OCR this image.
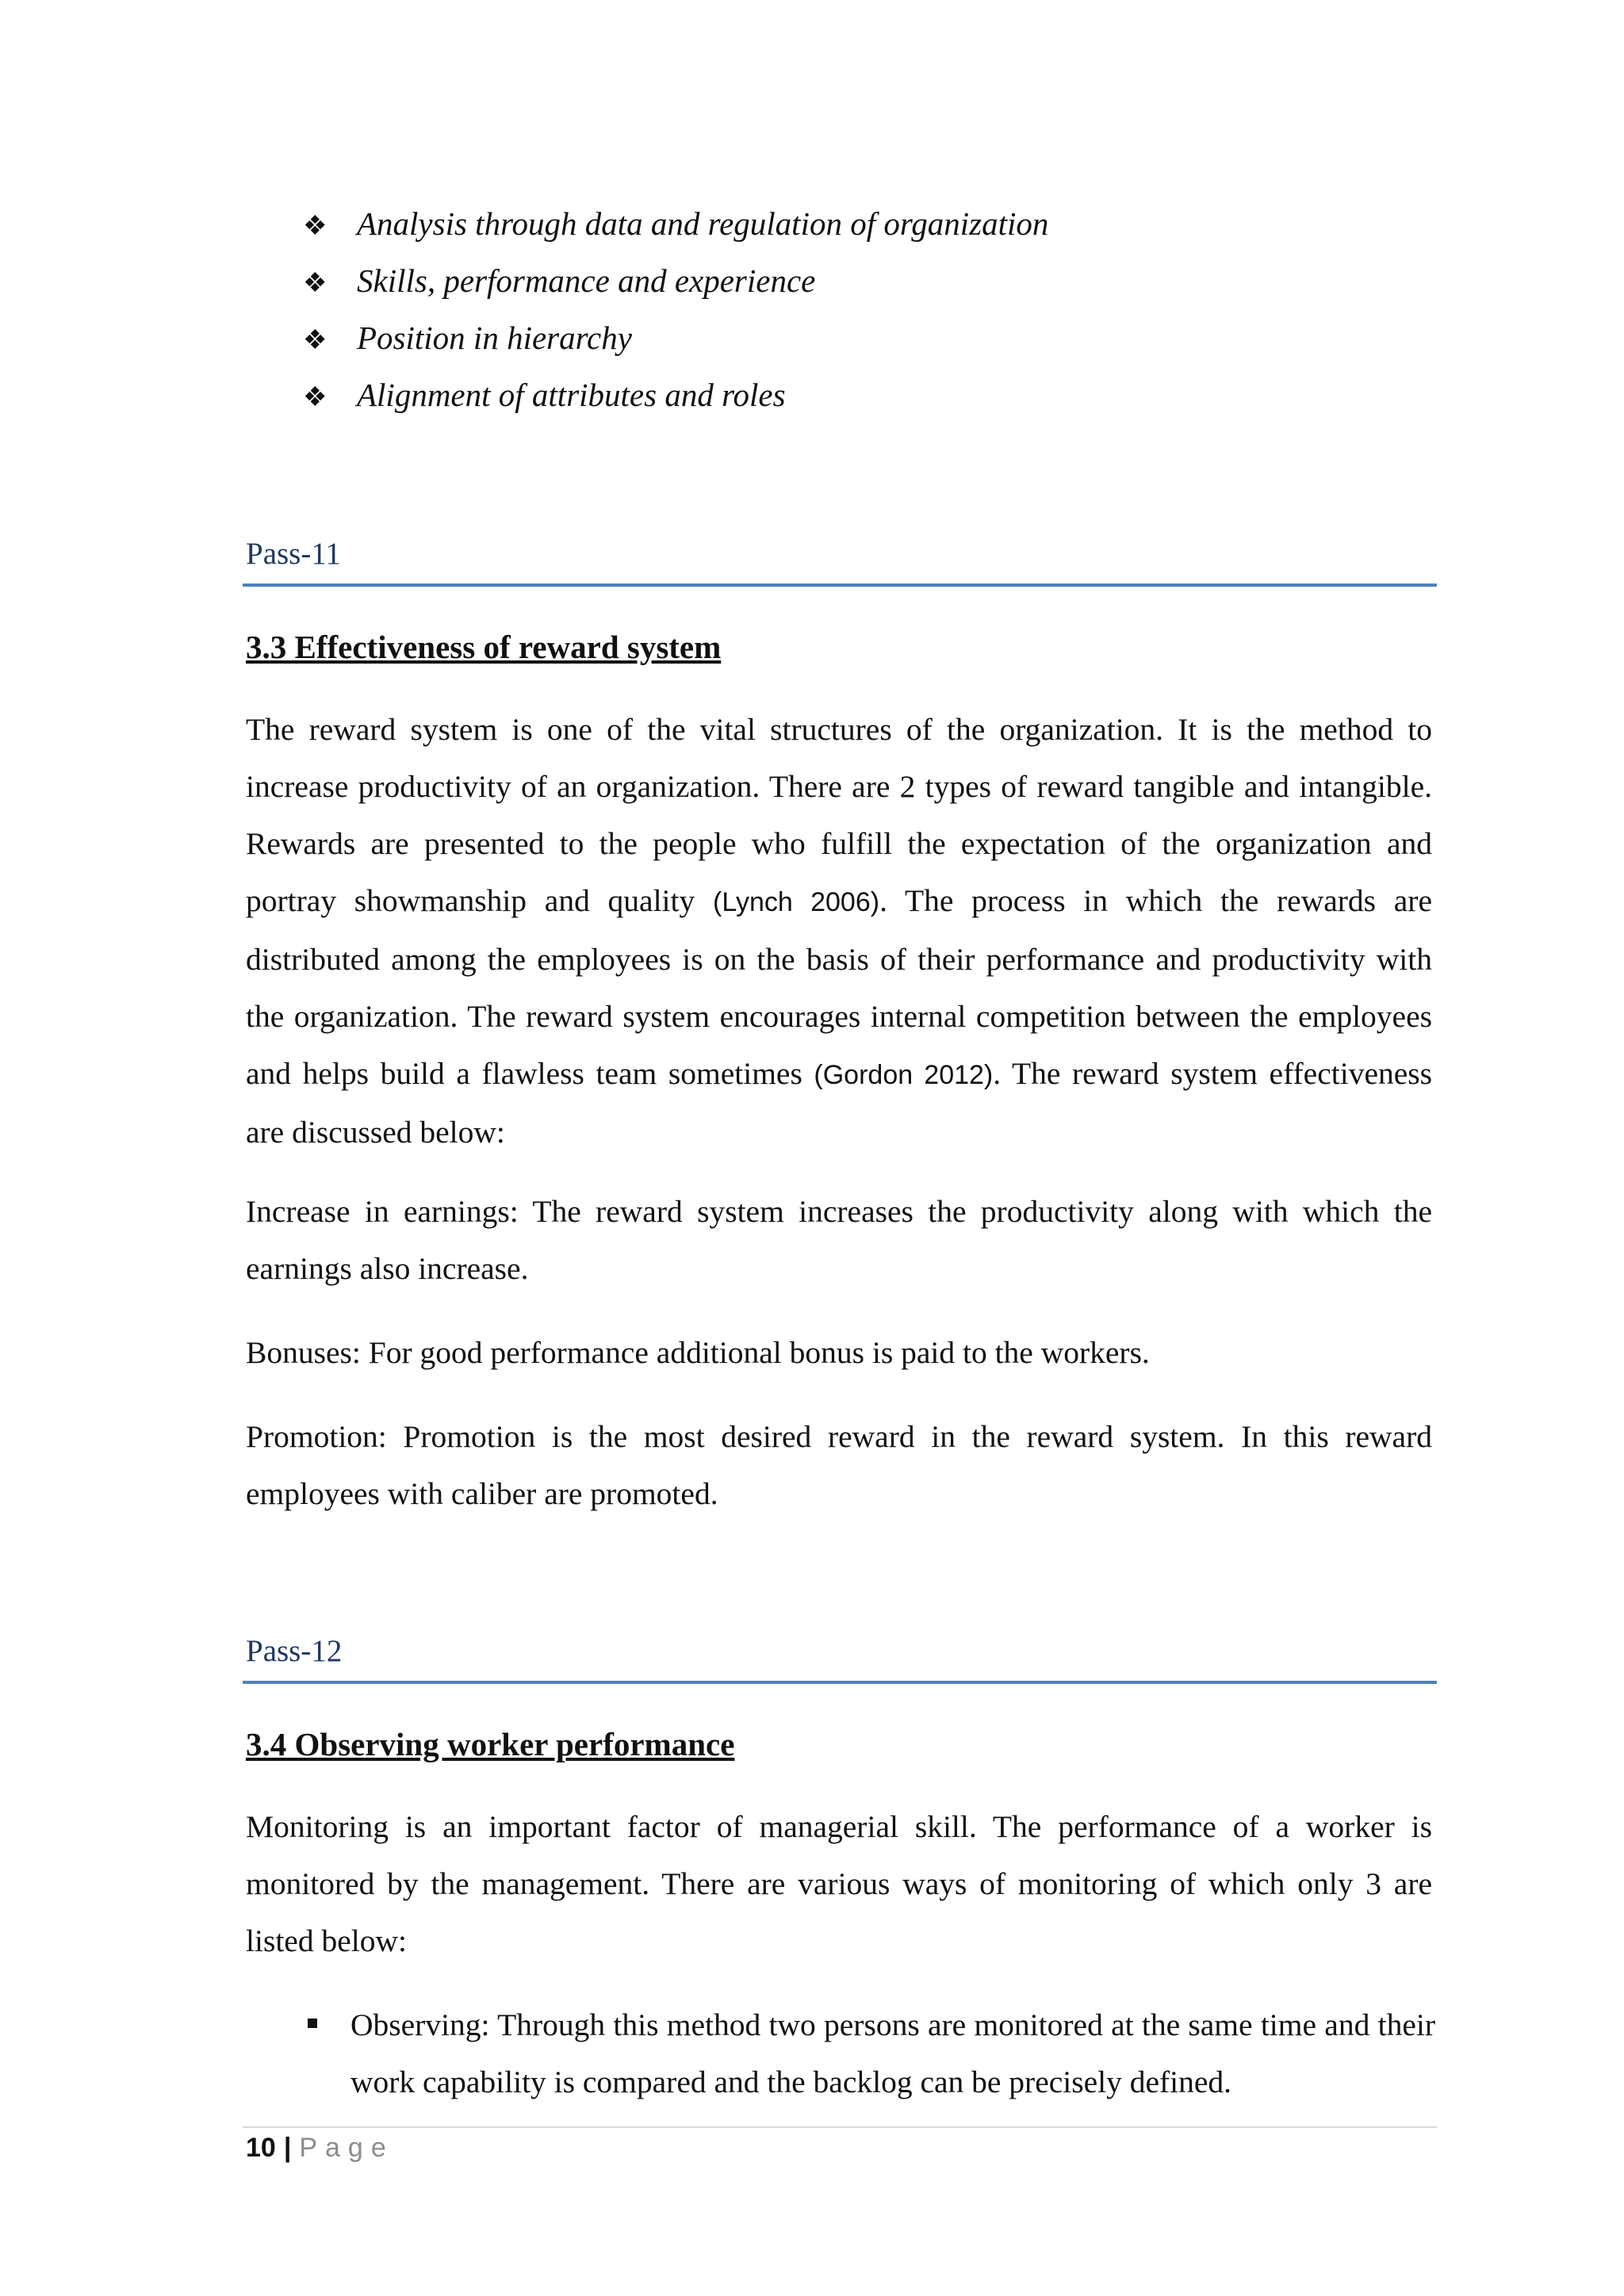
❖ Analysis through data and regulation of organization
❖ Skills, performance and experience
❖ Position in hierarchy
❖ Alignment of attributes and roles
Pass-11
3.3 Effectiveness of reward system
The reward system is one of the vital structures of the organization. It is the method to increase productivity of an organization. There are 2 types of reward tangible and intangible. Rewards are presented to the people who fulfill the expectation of the organization and portray showmanship and quality (Lynch 2006). The process in which the rewards are distributed among the employees is on the basis of their performance and productivity with the organization. The reward system encourages internal competition between the employees and helps build a flawless team sometimes (Gordon 2012). The reward system effectiveness are discussed below:
Increase in earnings: The reward system increases the productivity along with which the earnings also increase.
Bonuses: For good performance additional bonus is paid to the workers.
Promotion: Promotion is the most desired reward in the reward system. In this reward employees with caliber are promoted.
Pass-12
3.4 Observing worker performance
Monitoring is an important factor of managerial skill. The performance of a worker is monitored by the management. There are various ways of monitoring of which only 3 are listed below:
Observing: Through this method two persons are monitored at the same time and their work capability is compared and the backlog can be precisely defined.
10 | Page
